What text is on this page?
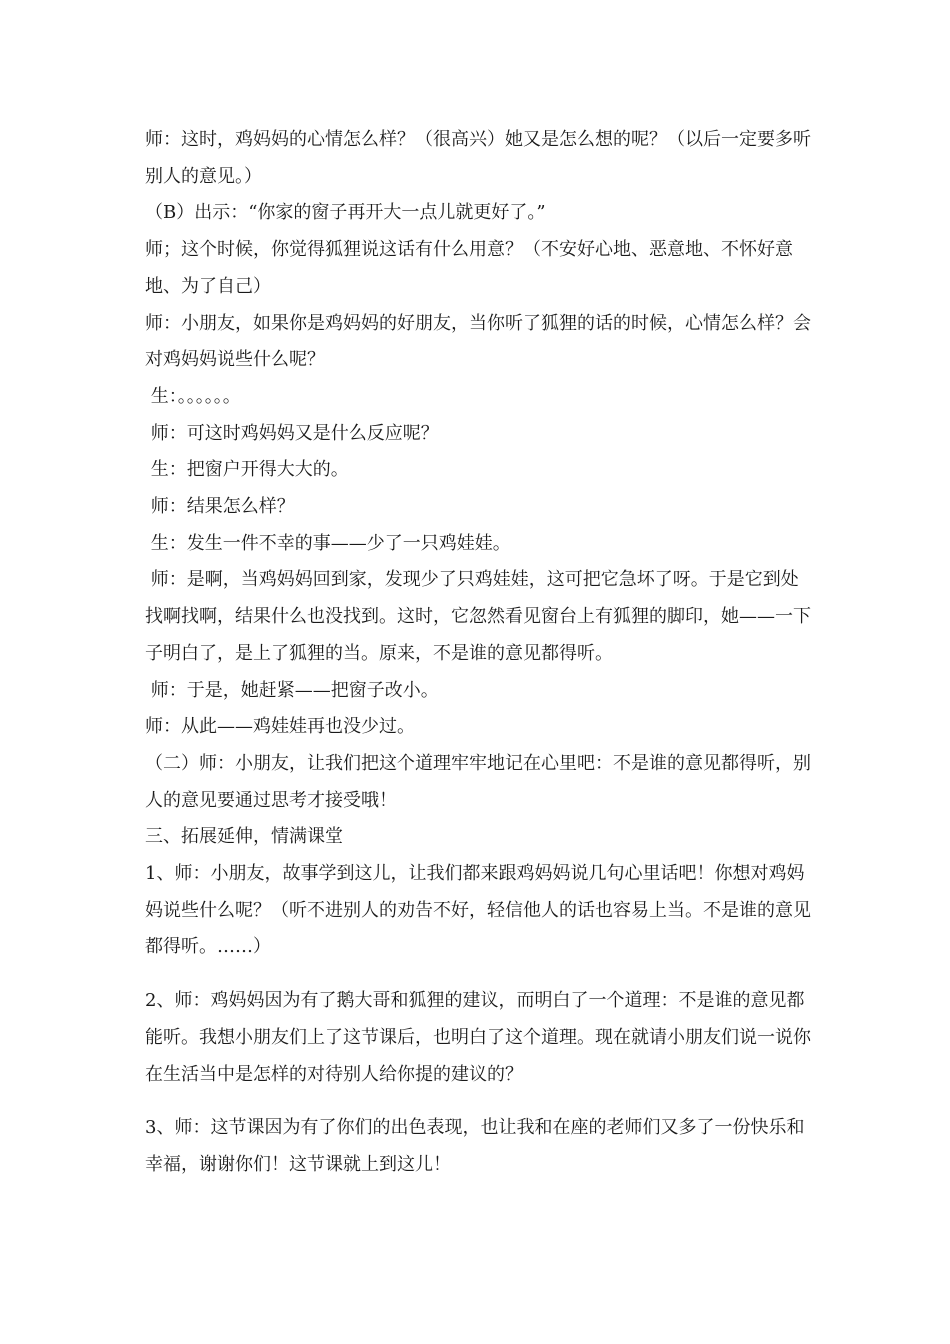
师：这时，鸡妈妈的心情怎么样？（很高兴）她又是怎么想的呢？（以后一定要多听别人的意见。）

（B）出示：“你家的窗子再开大一点儿就更好了。”

师；这个时候，你觉得狐狸说这话有什么用意？（不安好心地、恶意地、不怀好意地、为了自己）

师：小朋友，如果你是鸡妈妈的好朋友，当你听了狐狸的话的时候，心情怎么样？会对鸡妈妈说些什么呢？

生：。。。。。。

师：可这时鸡妈妈又是什么反应呢？

生：把窗户开得大大的。

师：结果怎么样？

生：发生一件不幸的事——少了一只鸡娃娃。

师：是啊，当鸡妈妈回到家，发现少了只鸡娃娃，这可把它急坏了呀。于是它到处找啊找啊，结果什么也没找到。这时，它忽然看见窗台上有狐狸的脚印，她——一下子明白了，是上了狐狸的当。原来，不是谁的意见都得听。

师：于是，她赶紧——把窗子改小。

师：从此——鸡娃娃再也没少过。

（二）师：小朋友，让我们把这个道理牢牢地记在心里吧：不是谁的意见都得听，别人的意见要通过思考才接受哦！

三、拓展延伸，情满课堂

1、师：小朋友，故事学到这儿，让我们都来跟鸡妈妈说几句心里话吧！你想对鸡妈妈说些什么呢？（听不进别人的劝告不好，轻信他人的话也容易上当。不是谁的意见都得听。……）

2、师：鸡妈妈因为有了鹅大哥和狐狸的建议，而明白了一个道理：不是谁的意见都能听。我想小朋友们上了这节课后，也明白了这个道理。现在就请小朋友们说一说你在生活当中是怎样的对待别人给你提的建议的？

3、师：这节课因为有了你们的出色表现，也让我和在座的老师们又多了一份快乐和幸福，谢谢你们！这节课就上到这儿！
